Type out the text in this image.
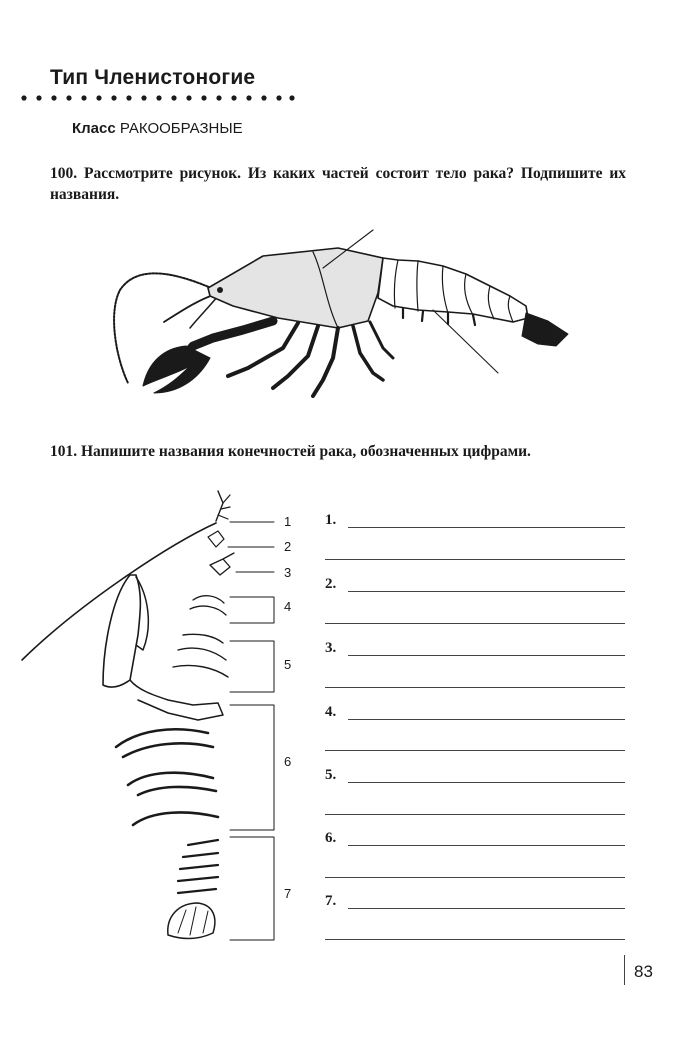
Тип Членистоногие
Класс РАКООБРАЗНЫЕ
100. Рассмотрите рисунок. Из каких частей состоит тело рака? Подпишите их названия.
101. Напишите названия конечностей рака, обозначенных цифрами.
1
2
3
4
5
6
7
1.
2.
3.
4.
5.
6.
7.
83
